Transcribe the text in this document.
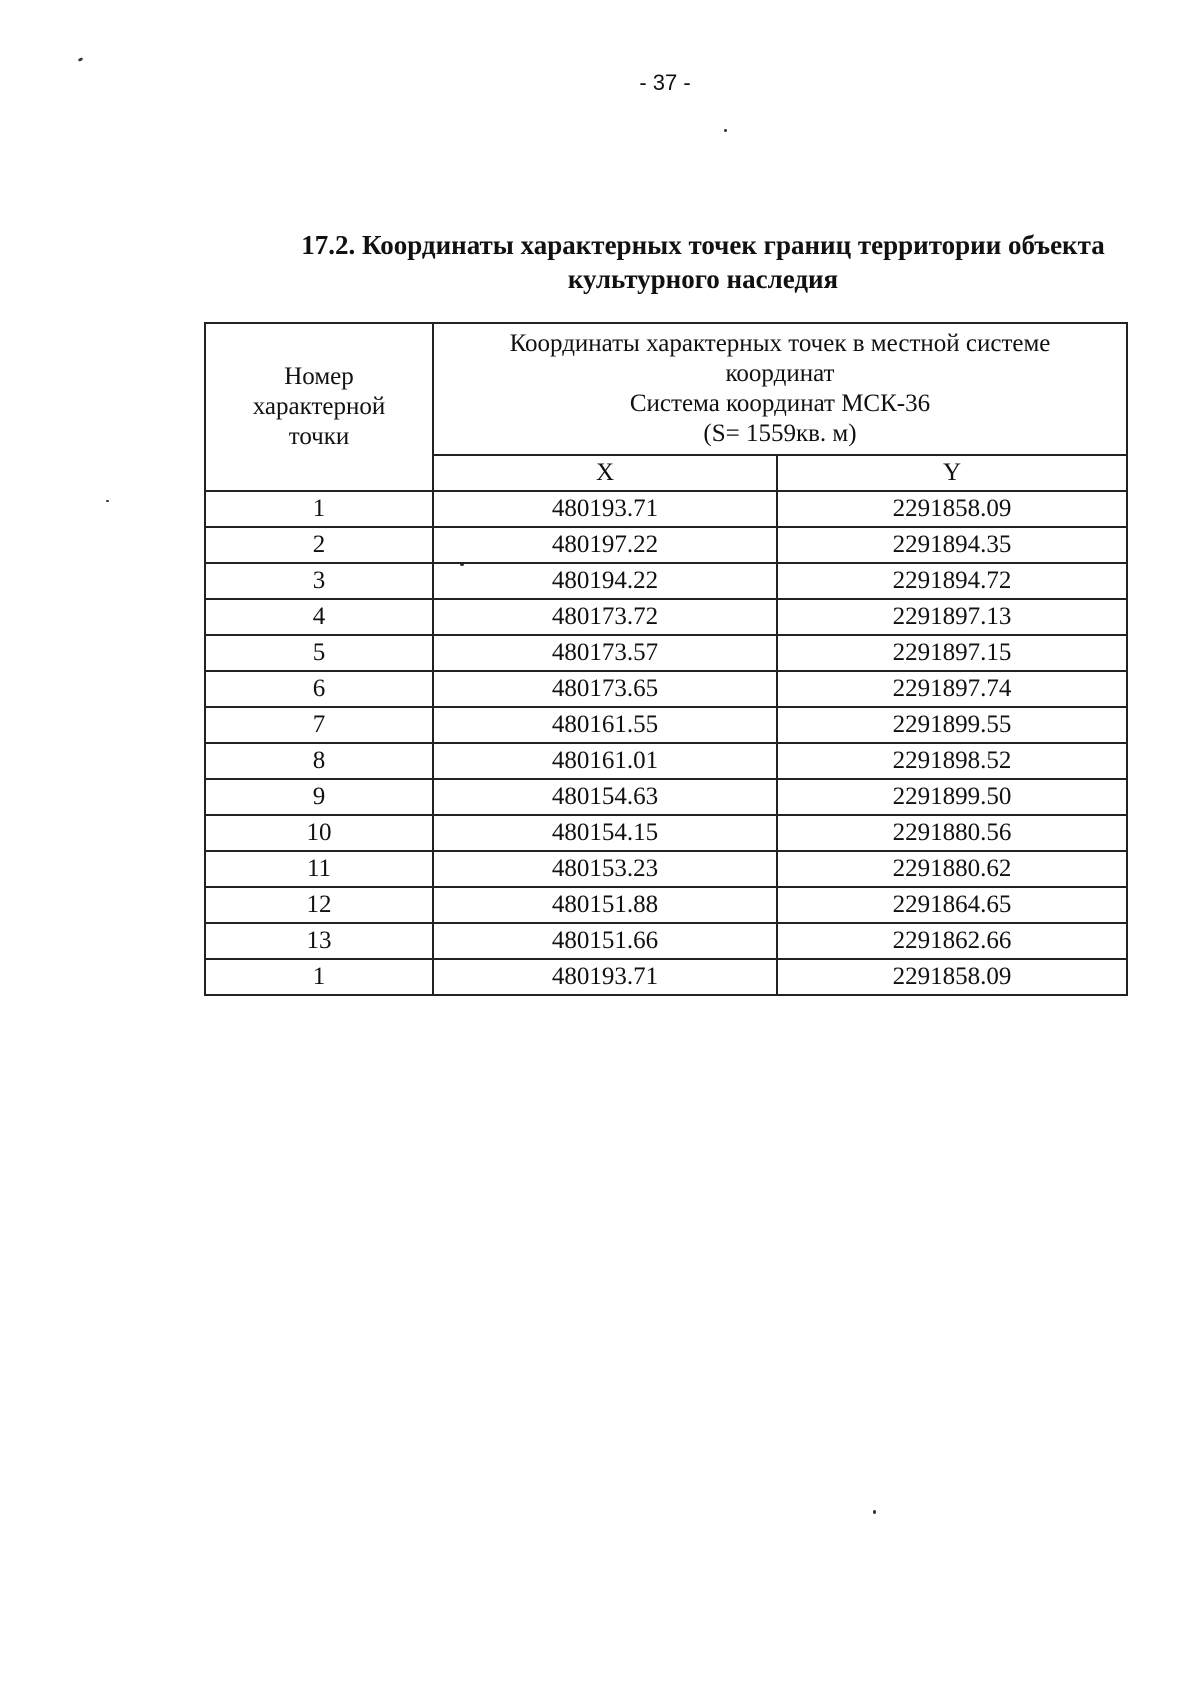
- 37 -
17.2. Координаты характерных точек границ территории объекта
культурного наследия
Номер
характерной
точки	Координаты характерных точек в местной системе
координат
Система координат МСК-36
(S= 1559кв. м)	

	X	Y
1	480193.71	2291858.09
2	480197.22	2291894.35
3	480194.22	2291894.72
4	480173.72	2291897.13
5	480173.57	2291897.15
6	480173.65	2291897.74
7	480161.55	2291899.55
8	480161.01	2291898.52
9	480154.63	2291899.50
10	480154.15	2291880.56
11	480153.23	2291880.62
12	480151.88	2291864.65
13	480151.66	2291862.66
1	480193.71	2291858.09
